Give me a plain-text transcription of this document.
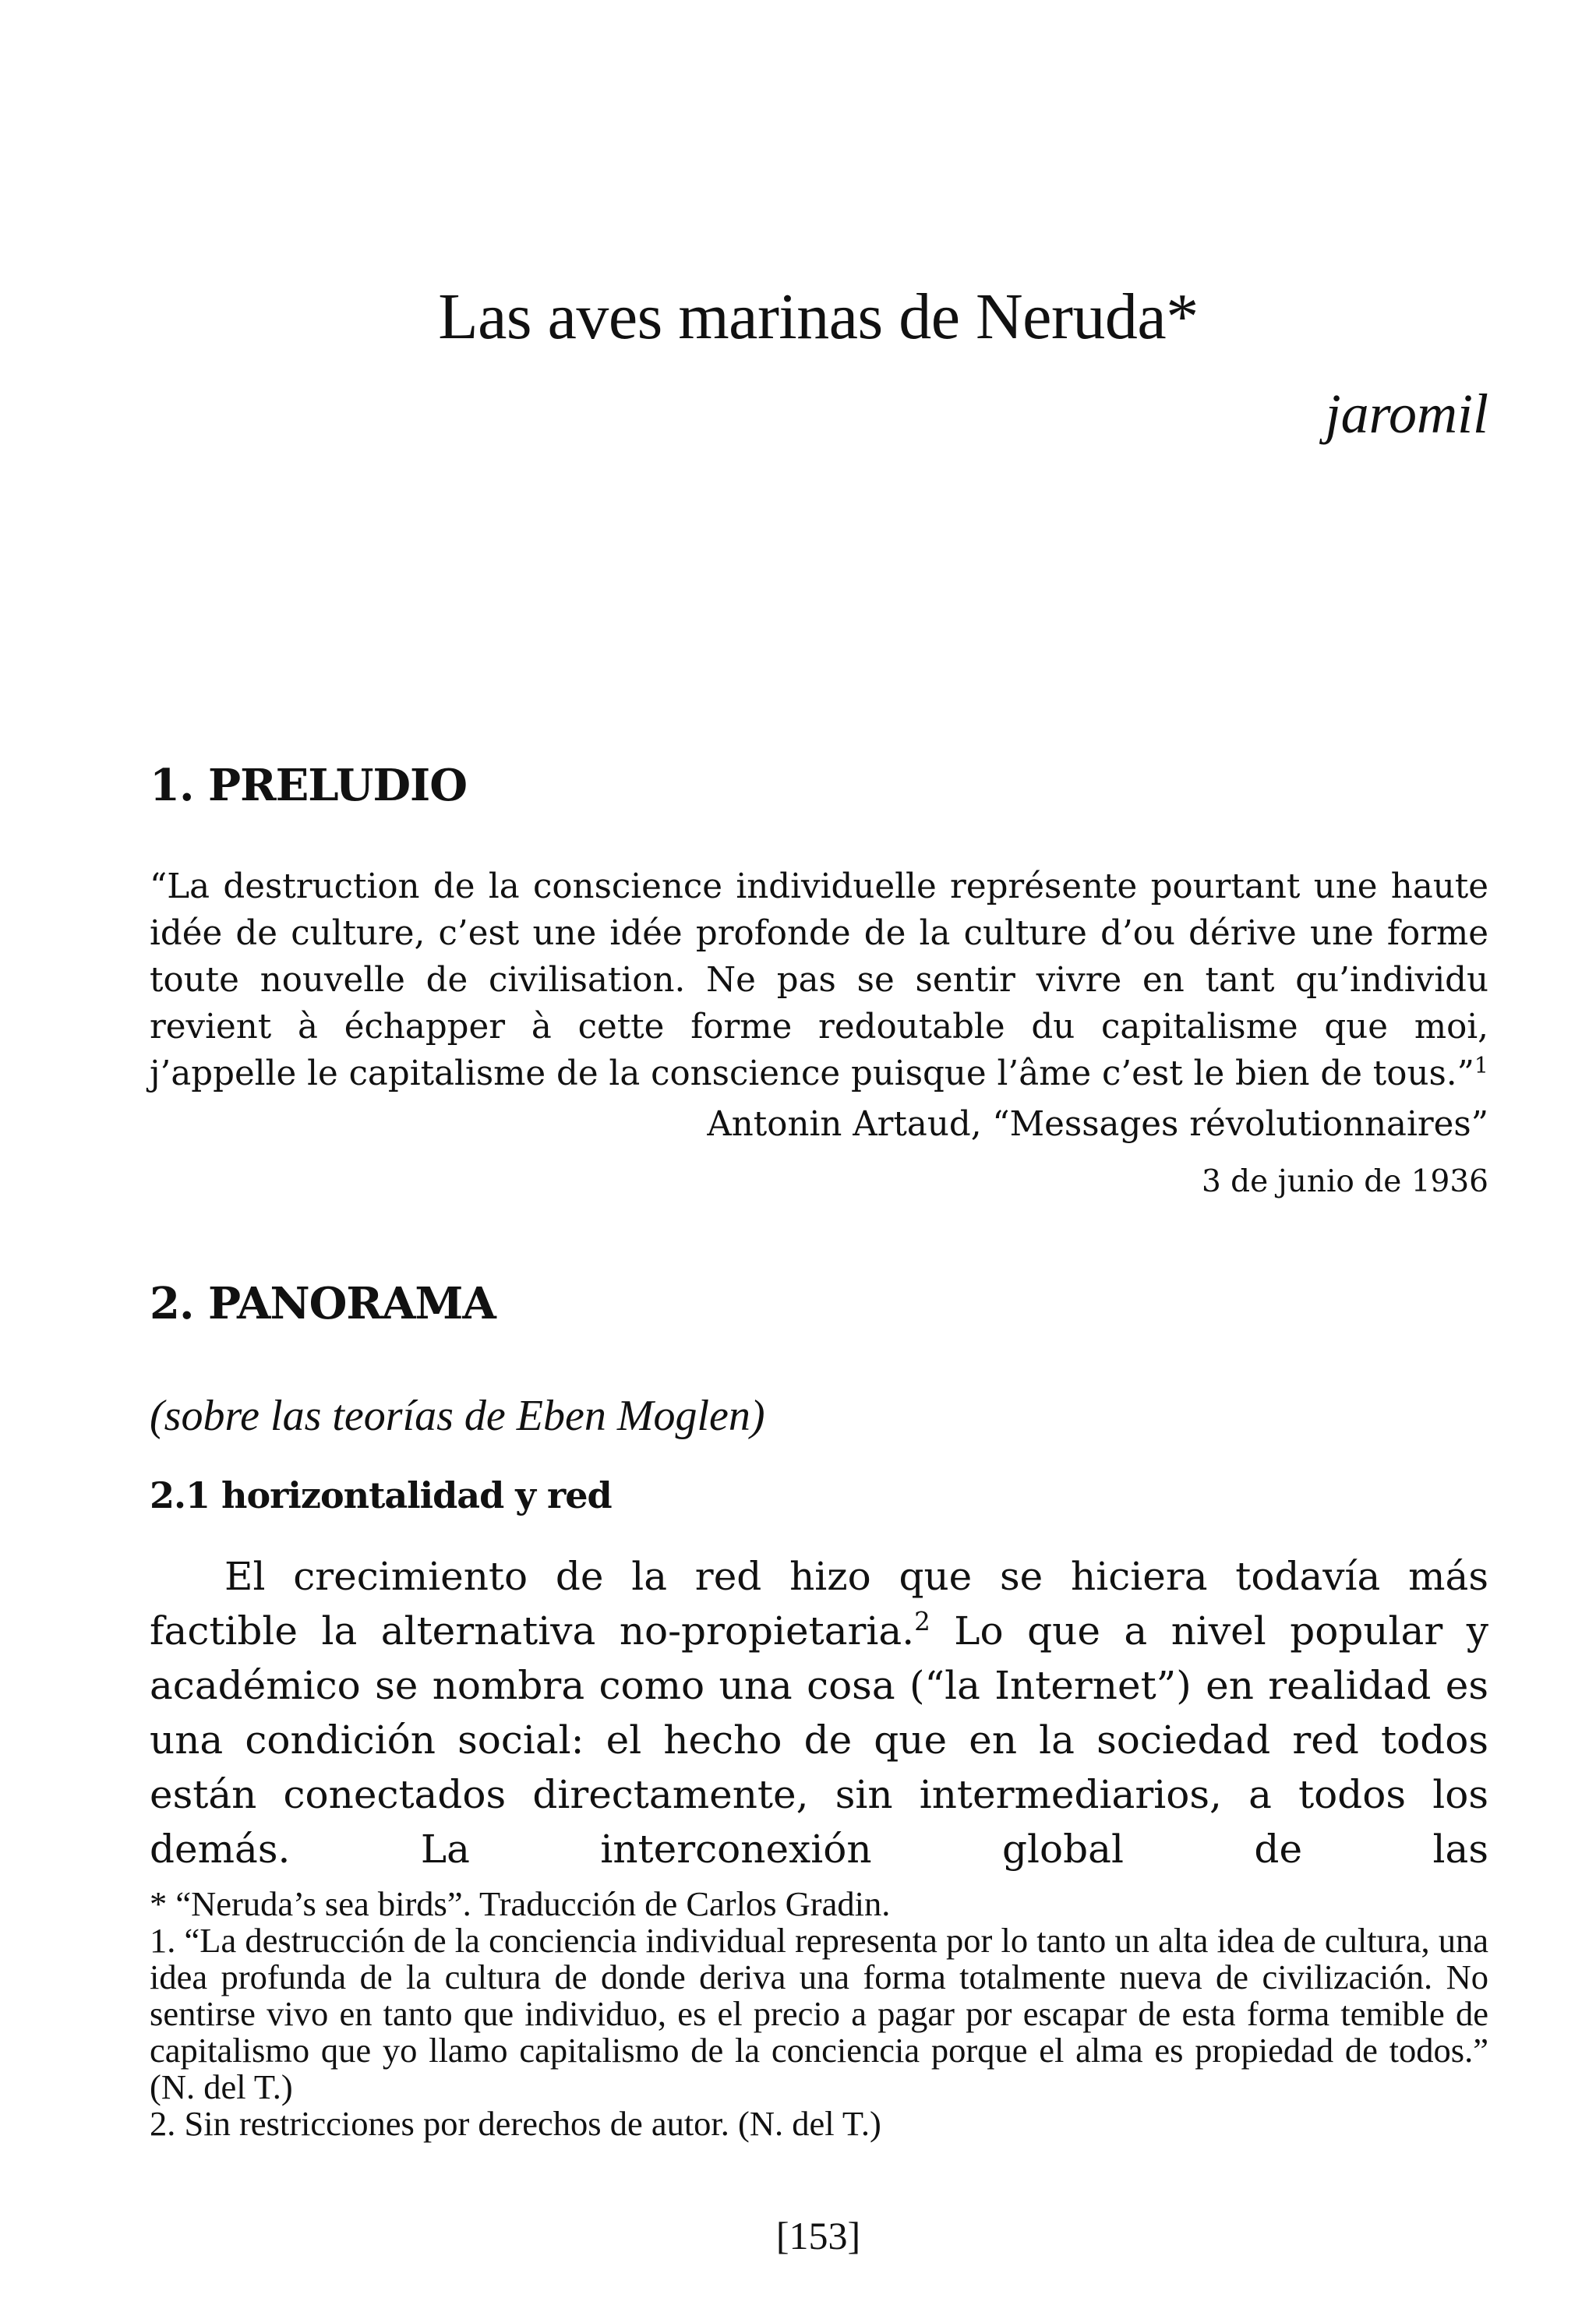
Las aves marinas de Neruda*
jaromil
1. PRELUDIO

“La destruction de la conscience individuelle représente pourtant une haute idée de culture, c’est une idée profonde de la culture d’ou dérive une forme toute nouvelle de civilisation. Ne pas se sentir vivre en tant qu’individu revient à échapper à cette forme redoutable du capitalisme que moi, j’appelle le capitalisme de la conscience puisque l’âme c’est le bien de tous.”$^1$

Antonin Artaud, “Messages révolutionnaires”
3 de junio de 1936
2. PANORAMA
(sobre las teorías de Eben Moglen)
2.1 horizontalidad y red

El crecimiento de la red hizo que se hiciera todavía más factible la alternativa no-propietaria.$^2$ Lo que a nivel popular y académico se nombra como una cosa (“la Internet”) en realidad es una condición social: el hecho de que en la sociedad red todos están conectados directamente, sin intermediarios, a todos los demás. La interconexión global de las

* “Neruda’s sea birds”. Traducción de Carlos Gradin.

1. “La destrucción de la conciencia individual representa por lo tanto un alta idea de cultura, una idea profunda de la cultura de donde deriva una forma totalmente nueva de civilización. No sentirse vivo en tanto que individuo, es el precio a pagar por escapar de esta forma temible de capitalismo que yo llamo capitalismo de la conciencia porque el alma es propiedad de todos.” (N. del T.)

2. Sin restricciones por derechos de autor. (N. del T.)

[153]
